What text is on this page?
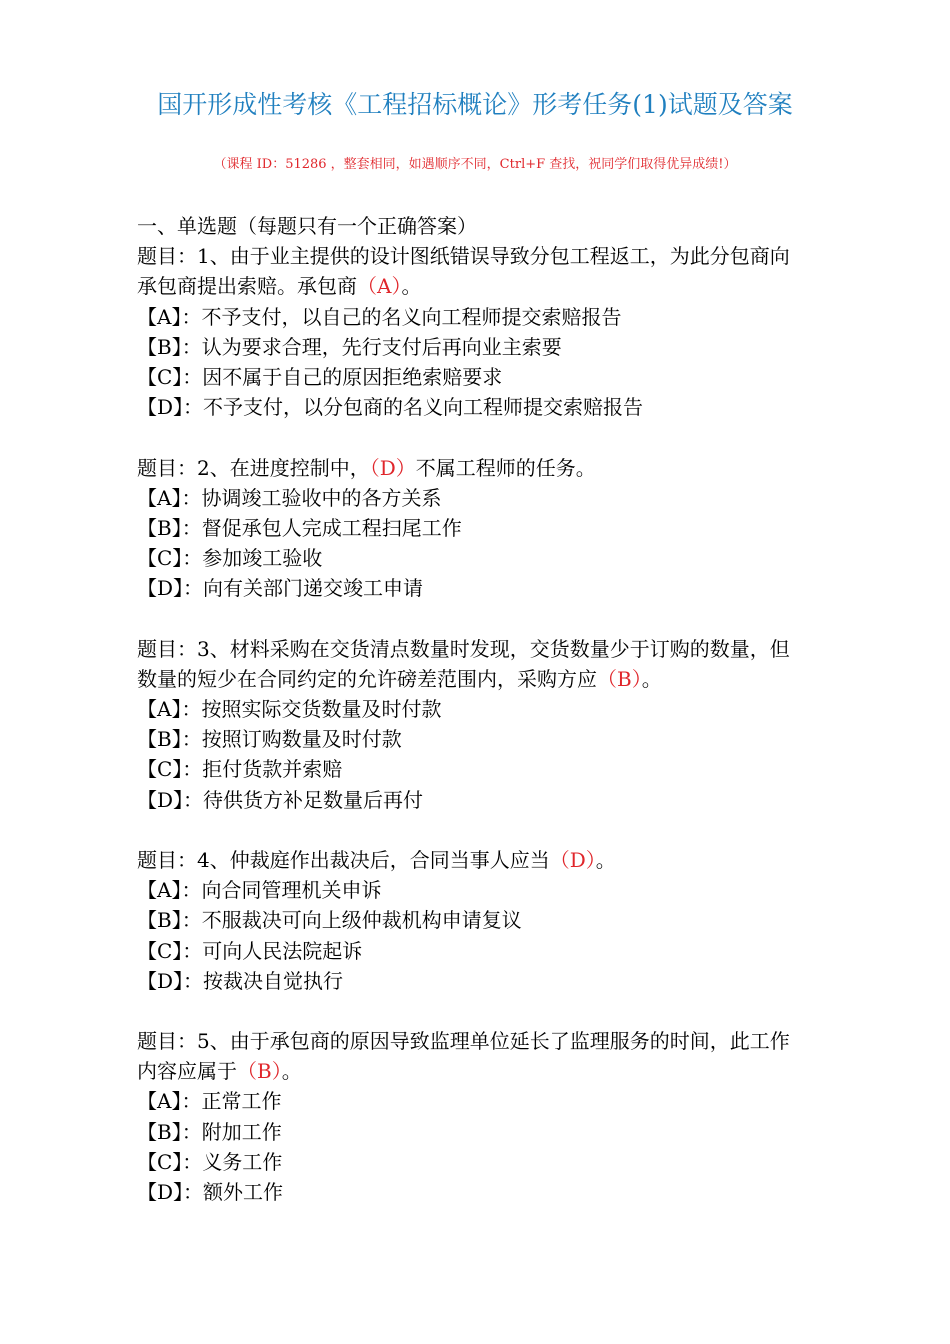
国开形成性考核《工程招标概论》形考任务(1)试题及答案
（课程 ID：51286 ，整套相同，如遇顺序不同，Ctrl+F 查找，祝同学们取得优异成绩!）
一、单选题（每题只有一个正确答案）
题目：1、由于业主提供的设计图纸错误导致分包工程返工，为此分包商向
承包商提出索赔。承包商（A）。
【A】：不予支付，以自己的名义向工程师提交索赔报告
【B】：认为要求合理，先行支付后再向业主索要
【C】：因不属于自己的原因拒绝索赔要求
【D】：不予支付，以分包商的名义向工程师提交索赔报告
题目：2、在进度控制中，（D）不属工程师的任务。
【A】：协调竣工验收中的各方关系
【B】：督促承包人完成工程扫尾工作
【C】：参加竣工验收
【D】：向有关部门递交竣工申请
题目：3、材料采购在交货清点数量时发现，交货数量少于订购的数量，但
数量的短少在合同约定的允许磅差范围内，采购方应（B）。
【A】：按照实际交货数量及时付款
【B】：按照订购数量及时付款
【C】：拒付货款并索赔
【D】：待供货方补足数量后再付
题目：4、仲裁庭作出裁决后，合同当事人应当（D）。
【A】：向合同管理机关申诉
【B】：不服裁决可向上级仲裁机构申请复议
【C】：可向人民法院起诉
【D】：按裁决自觉执行
题目：5、由于承包商的原因导致监理单位延长了监理服务的时间，此工作
内容应属于（B）。
【A】：正常工作
【B】：附加工作
【C】：义务工作
【D】：额外工作
